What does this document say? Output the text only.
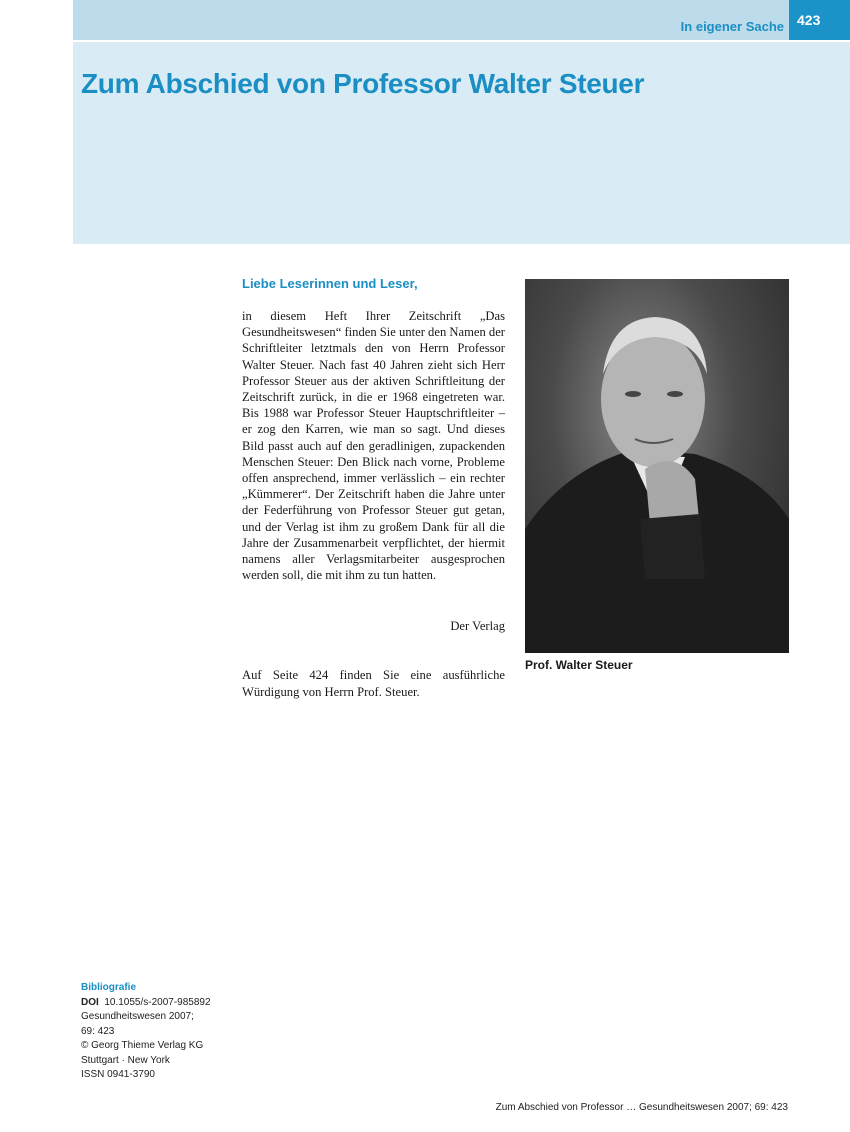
In eigener Sache 423
Zum Abschied von Professor Walter Steuer
Liebe Leserinnen und Leser,

in diesem Heft Ihrer Zeitschrift „Das Gesundheitswesen“ finden Sie unter den Namen der Schriftleiter letztmals den von Herrn Professor Walter Steuer. Nach fast 40 Jahren zieht sich Herr Professor Steuer aus der aktiven Schriftleitung der Zeitschrift zurück, in die er 1968 eingetreten war. Bis 1988 war Professor Steuer Hauptschriftleiter – er zog den Karren, wie man so sagt. Und dieses Bild passt auch auf den geradlinigen, zupackenden Menschen Steuer: Den Blick nach vorne, Probleme offen ansprechend, immer verlässlich – ein rechter „Kümmerer“. Der Zeitschrift haben die Jahre unter der Federführung von Professor Steuer gut getan, und der Verlag ist ihm zu großem Dank für all die Jahre der Zusammenarbeit verpflichtet, der hiermit namens aller Verlagsmitarbeiter ausgesprochen werden soll, die mit ihm zu tun hatten.

Der Verlag

Auf Seite 424 finden Sie eine ausführliche Würdigung von Herrn Prof. Steuer.

Prof. Walter Steuer
Bibliografie
DOI 10.1055/s-2007-985892
Gesundheitswesen 2007;
69: 423
© Georg Thieme Verlag KG
Stuttgart · New York
ISSN 0941-3790
Zum Abschied von Professor … Gesundheitswesen 2007; 69: 423
